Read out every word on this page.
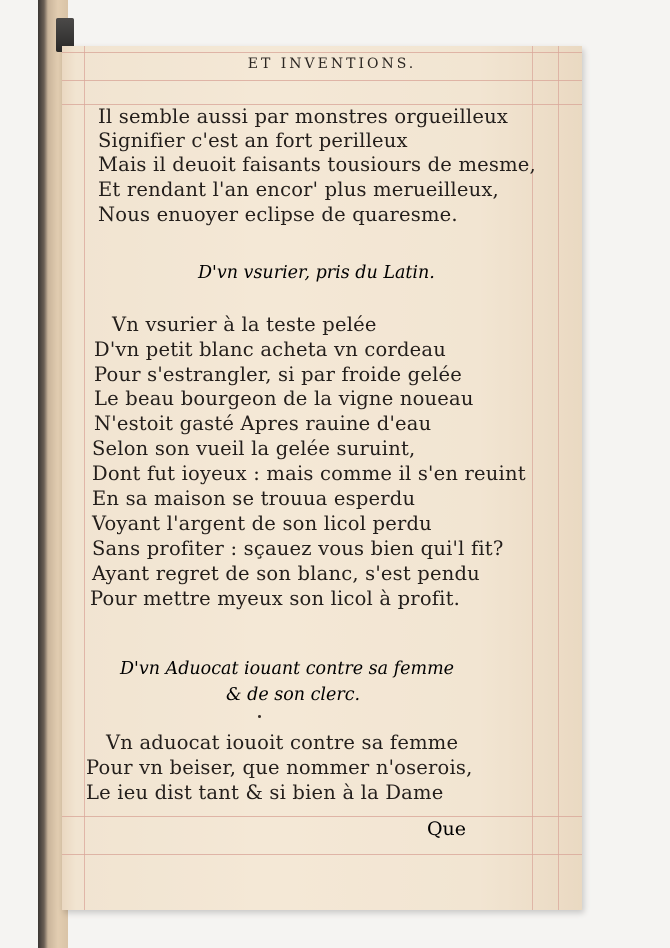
ET INVENTIONS.
Il semble aussi par monstres orgueilleux
Signifier c'est an fort perilleux
Mais il deuoit faisants tousiours de mesme,
Et rendant l'an encor' plus merueilleux,
Nous enuoyer eclipse de quaresme.
D'vn vsurier, pris du Latin.
Vn vsurier à la teste pelée
D'vn petit blanc acheta vn cordeau
Pour s'estrangler, si par froide gelée
Le beau bourgeon de la vigne noueau
N'estoit gasté Apres rauine d'eau
Selon son vueil la gelée suruint,
Dont fut ioyeux : mais comme il s'en reuint
En sa maison se trouua esperdu
Voyant l'argent de son licol perdu
Sans profiter : sçauez vous bien qui'l fit?
Ayant regret de son blanc, s'est pendu
Pour mettre myeux son licol à profit.
D'vn Aduocat iouant contre sa femme
& de son clerc.
Vn aduocat iouoit contre sa femme
Pour vn beiser, que nommer n'oserois,
Le ieu dist tant & si bien à la Dame
Que
